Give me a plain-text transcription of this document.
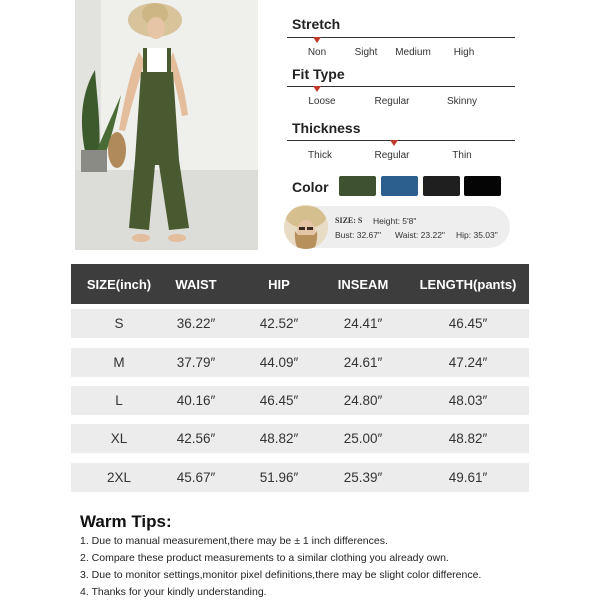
Stretch
Non	Sight Medium High
Fit Type
Loose	Regular	Skinny
Thickness
Thick	Regular	Thin
Color
SIZE: S Height: 5'8"
Bust: 32.67" Waist: 23.22" Hip: 35.03"
SIZE(inch)	WAIST	HIP	INSEAM	LENGTH(pants)
S	36.22″	42.52″	24.41″	46.45″
M	37.79″	44.09″	24.61″	47.24″
L	40.16″	46.45″	24.80″	48.03″
XL	42.56″	48.82″	25.00″	48.82″
2XL	45.67″	51.96″	25.39″	49.61″
Warm Tips:
1. Due to manual measurement,there may be ± 1 inch differences.
2. Compare these product measurements to a similar clothing you already own.
3. Due to monitor settings,monitor pixel definitions,there may be slight color difference.
4. Thanks for your kindly understanding.
